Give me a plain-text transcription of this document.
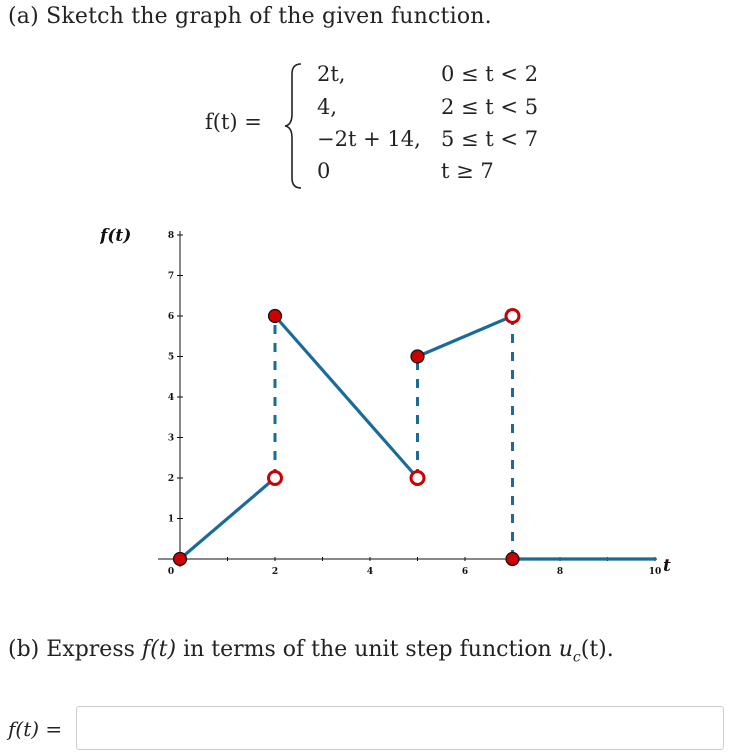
(a) Sketch the graph of the given function.
f(t) =
2t,	0 ≤ t < 2
4,	2 ≤ t < 5
−2t + 14, 5 ≤ t < 7
0	t ≥ 7
1
2
3
4
5
6
7
8
0	2	4	6	8	10
f(t)
t
(b) Express f(t) in terms of the unit step function $u_c(t)$.
f(t) =
